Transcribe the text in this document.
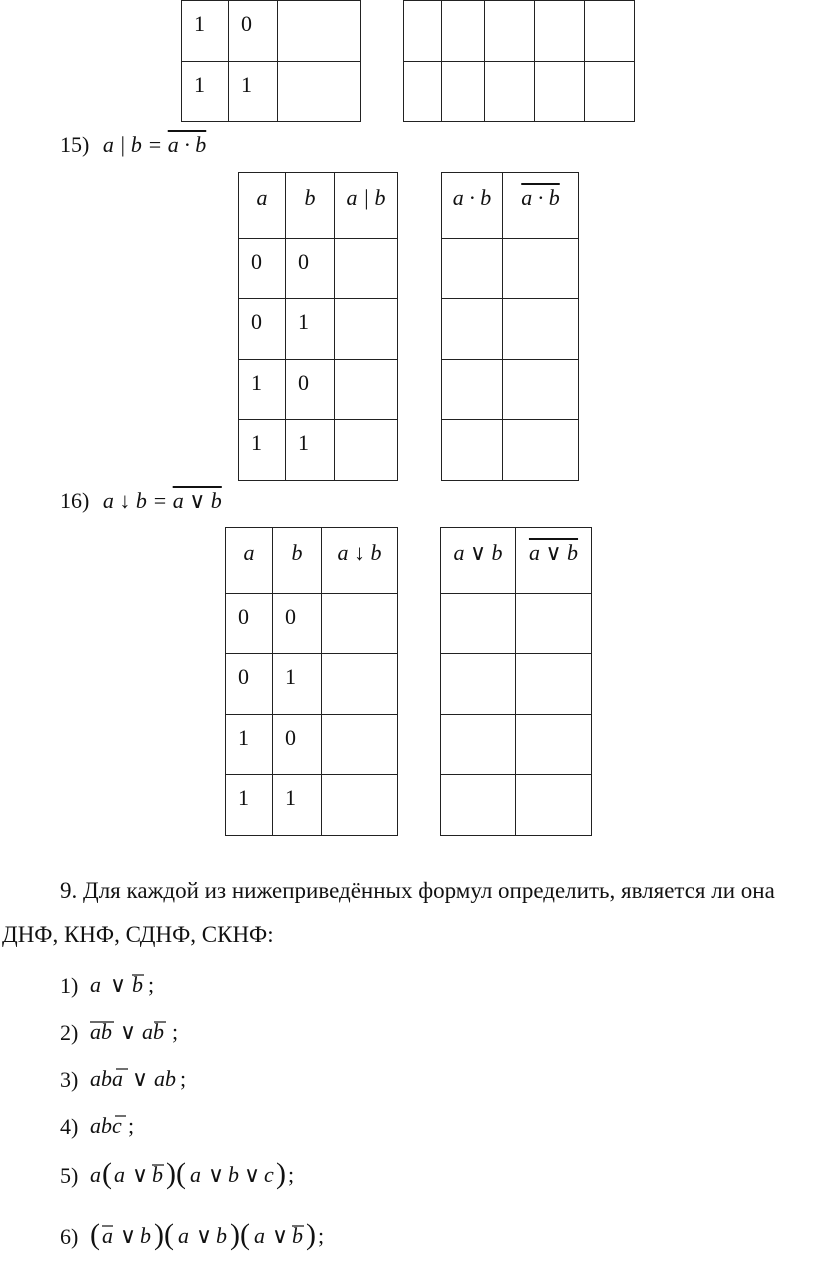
1	0	

1	1	

15) a | b = a · b
a	b	a | b

0	0	

0	1	

1	0	

1	1	

a · b	a · b

16) a ↓ b = a ∨ b
a	b	a ↓ b

0	0	

0	1	

1	0	

1	1	

a ∨ b	a ∨ b

9. Для каждой из нижеприведённых формул определить, является ли она
ДНФ, КНФ, СДНФ, СКНФ:
1) a ∨ b ;
2) ab ∨ ab ;
3) aba ∨ ab ;
4) abc ;
5) a ( a ∨ b )( a ∨ b ∨ c ) ;
6) ( a ∨ b )( a ∨ b )( a ∨ b ) ;
